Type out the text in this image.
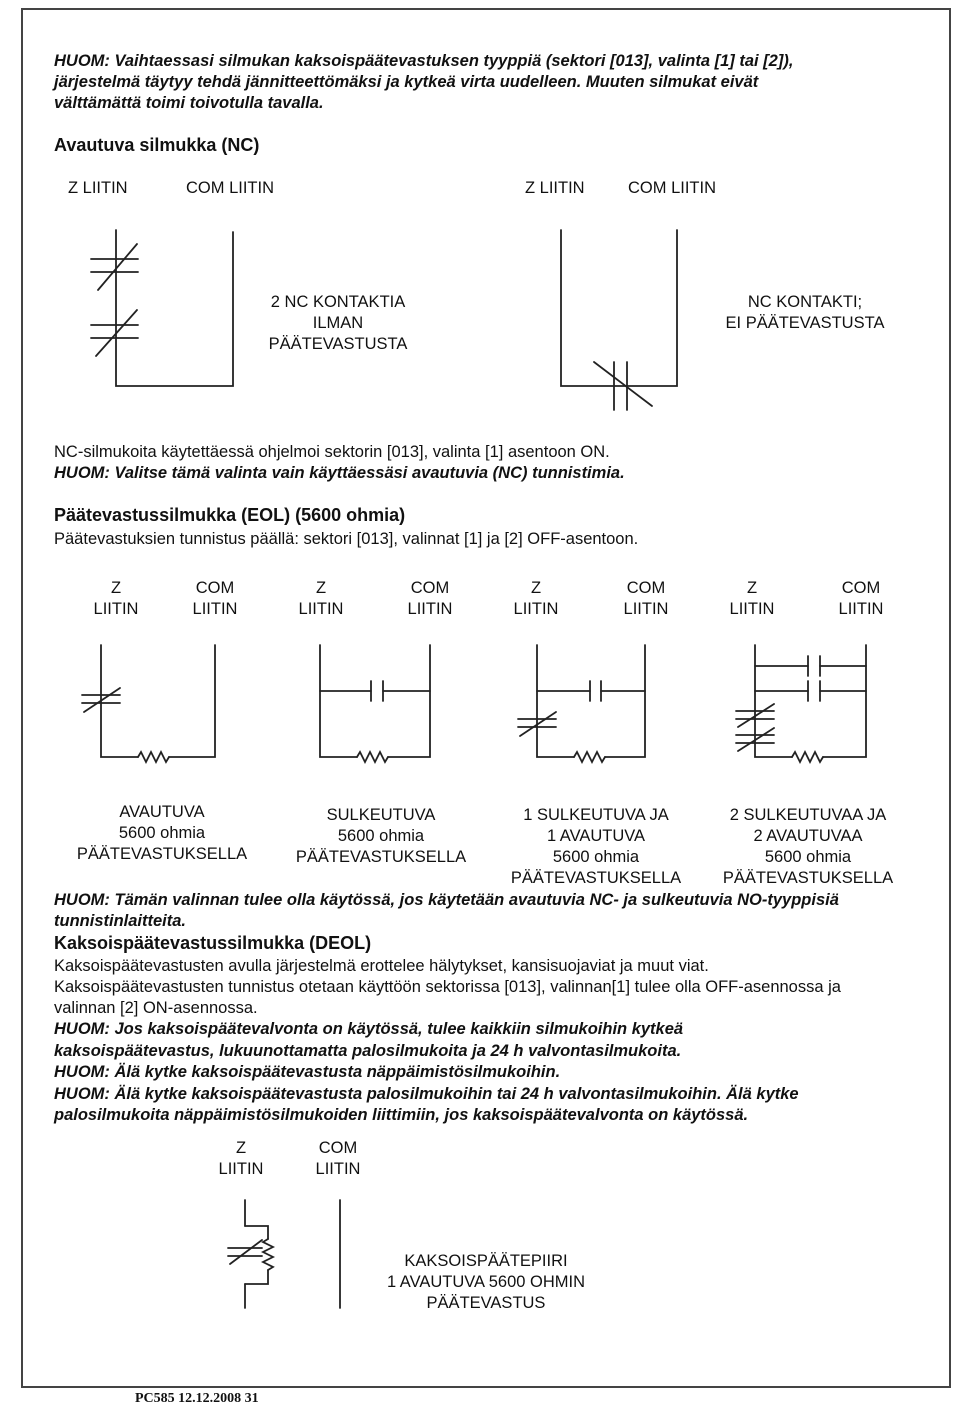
HUOM: Vaihtaessasi silmukan kaksoispäätevastuksen tyyppiä (sektori [013], valinta [1] tai [2]),

järjestelmä täytyy tehdä jännitteettömäksi ja kytkeä virta uudelleen. Muuten silmukat eivät

välttämättä toimi toivotulla tavalla.

Avautuva silmukka (NC)

Z LIITIN	COM LIITIN	Z LIITIN	COM LIITIN

2 NC KONTAKTIA
ILMAN
PÄÄTEVASTUSTA
NC KONTAKTI;
EI PÄÄTEVASTUSTA

NC-silmukoita käytettäessä ohjelmoi sektorin [013], valinta [1] asentoon ON.

HUOM: Valitse tämä valinta vain käyttäessäsi avautuvia (NC) tunnistimia.

Päätevastussilmukka (EOL) (5600 ohmia)

Päätevastuksien tunnistus päällä: sektori [013], valinnat [1] ja [2] OFF-asentoon.

Z
LIITIN
COM
LIITIN
Z
LIITIN
COM
LIITIN
Z
LIITIN
COM
LIITIN
Z
LIITIN
COM
LIITIN
AVAUTUVA
5600 ohmia
PÄÄTEVASTUKSELLA
SULKEUTUVA
5600 ohmia
PÄÄTEVASTUKSELLA
1 SULKEUTUVA JA
1 AVAUTUVA
5600 ohmia
PÄÄTEVASTUKSELLA
2 SULKEUTUVAA JA
2 AVAUTUVAA
5600 ohmia
PÄÄTEVASTUKSELLA

HUOM: Tämän valinnan tulee olla käytössä, jos käytetään avautuvia NC- ja sulkeutuvia NO-tyyppisiä

tunnistinlaitteita.

Kaksoispäätevastussilmukka (DEOL)

Kaksoispäätevastusten avulla järjestelmä erottelee hälytykset, kansisuojaviat ja muut viat.

Kaksoispäätevastusten tunnistus otetaan käyttöön sektorissa [013], valinnan[1] tulee olla OFF-asennossa ja

valinnan [2] ON-asennossa.

HUOM: Jos kaksoispäätevalvonta on käytössä, tulee kaikkiin silmukoihin kytkeä

kaksoispäätevastus, lukuunottamatta palosilmukoita ja 24 h valvontasilmukoita.

HUOM: Älä kytke kaksoispäätevastusta näppäimistösilmukoihin.

HUOM: Älä kytke kaksoispäätevastusta palosilmukoihin tai 24 h valvontasilmukoihin. Älä kytke

palosilmukoita näppäimistösilmukoiden liittimiin, jos kaksoispäätevalvonta on käytössä.

Z
LIITIN
COM
LIITIN
KAKSOISPÄÄTEPIIRI
1 AVAUTUVA 5600 OHMIN
PÄÄTEVASTUS

PC585 12.12.2008 31
